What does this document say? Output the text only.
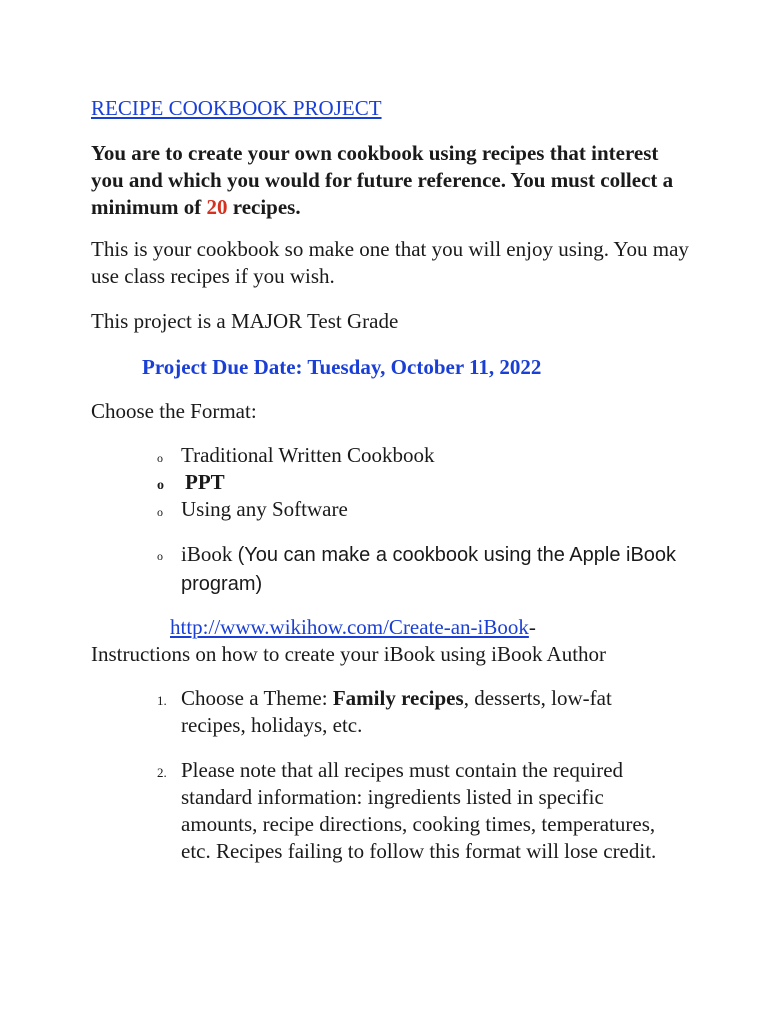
RECIPE COOKBOOK PROJECT

You are to create your own cookbook using recipes that interest you and which you would for future reference. You must collect a minimum of 20 recipes.

This is your cookbook so make one that you will enjoy using. You may use class recipes if you wish.

This project is a MAJOR Test Grade

Project Due Date: Tuesday, October 11, 2022

Choose the Format:

o Traditional Written Cookbook
o	PPT
o Using any Software
o iBook (You can make a cookbook using the Apple iBook program)
http://www.wikihow.com/Create-an-iBook-

Instructions on how to create your iBook using iBook Author

1. Choose a Theme: Family recipes, desserts, low-fat recipes, holidays, etc.
2. Please note that all recipes must contain the required standard information: ingredients listed in specific amounts, recipe directions, cooking times, temperatures, etc. Recipes failing to follow this format will lose credit.
